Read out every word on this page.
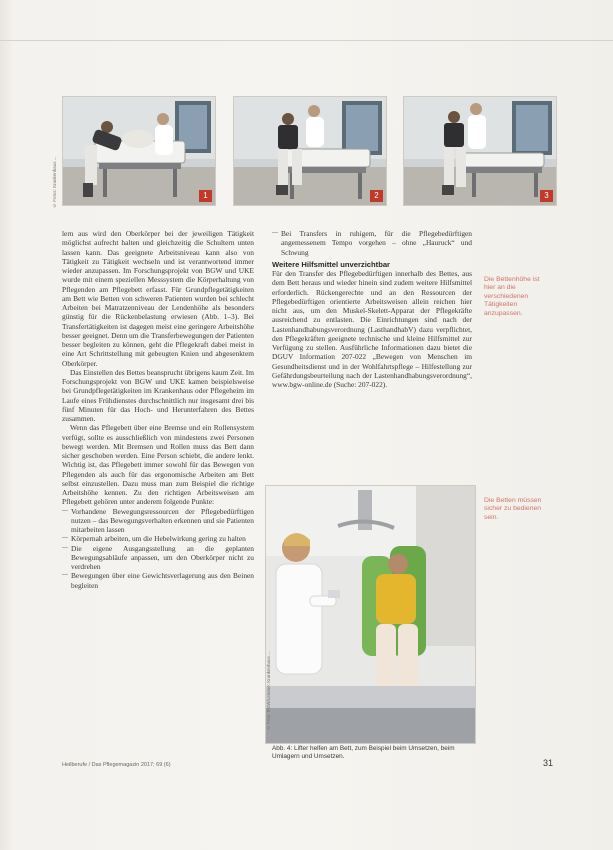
© Fotos: Krankenhaus ...	1	2	3

lern aus wird den Oberkörper bei der jeweiligen Tätigkeit möglichst aufrecht halten und gleichzeitig die Schultern unten lassen kann. Das geeignete Arbeitsniveau kann also von Tätigkeit zu Tätigkeit wechseln und ist verantwortend immer wieder anzupassen. Im Forschungsprojekt von BGW und UKE wurde mit einem speziellen Messsystem die Körperhaltung von Pflegenden am Pflegebett erfasst. Für Grundpflegetätigkeiten am Bett wie Betten von schweren Patienten wurden bei schlecht Arbeiten bei Matratzenniveau der Lendenhöhe als besonders günstig für die Rückenbelastung erwiesen (Abb. 1–3). Bei Transfertätigkeiten ist dagegen meist eine geringere Arbeitshöhe besser geeignet. Denn um die Transferbewegungen der Patienten besser begleiten zu können, geht die Pflegekraft dabei meist in eine Art Schrittstellung mit gebeugten Knien und abgesenktem Oberkörper.

Das Einstellen des Bettes beansprucht übrigens kaum Zeit. Im Forschungsprojekt von BGW und UKE kamen beispielsweise bei Grundpflegetätigkeiten im Krankenhaus oder Pflegeheim im Laufe eines Frühdienstes durchschnittlich nur insgesamt drei bis fünf Minuten für das Hoch- und Herunterfahren des Bettes zusammen.

Wenn das Pflegebett über eine Bremse und ein Rollensystem verfügt, sollte es ausschließlich von mindestens zwei Personen bewegt werden. Mit Bremsen und Rollen muss das Bett dann sicher geschoben werden. Eine Person schiebt, die andere lenkt. Wichtig ist, das Pflegebett immer sowohl für das Bewegen von Pflegenden als auch für das ergonomische Arbeiten am Bett selbst einzustellen. Dazu muss man zum Beispiel die richtige Arbeitshöhe kennen. Zu den richtigen Arbeitsweisen am Pflegebett gehören unter anderem folgende Punkte:

— Vorhandene Bewegungsressourcen der Pflegebedürftigen nutzen – das Bewegungsverhalten erkennen und sie Patienten mitarbeiten lassen
— Körpernah arbeiten, um die Hebelwirkung gering zu halten
— Die eigene Ausgangsstellung an die geplanten Bewegungsabläufe anpassen, um den Oberkörper nicht zu verdrehen
— Bewegungen über eine Gewichtsverlagerung aus den Beinen begleiten
— Bei Transfers in ruhigem, für die Pflegebedürftigen angemessenem Tempo vorgehen – ohne „Hauruck“ und Schwung
Weitere Hilfsmittel unverzichtbar

Für den Transfer des Pflegebedürftigen innerhalb des Bettes, aus dem Bett heraus und wieder hinein sind zudem weitere Hilfsmittel erforderlich. Rückengerechte und an den Ressourcen der Pflegebedürftigen orientierte Arbeitsweisen allein reichen hier nicht aus, um den Muskel-Skelett-Apparat der Pflegekräfte ausreichend zu entlasten. Die Einrichtungen sind nach der Lastenhandhabungsverordnung (LasthandhabV) dazu verpflichtet, den Pflegekräften geeignete technische und kleine Hilfsmittel zur Verfügung zu stellen. Ausführliche Informationen dazu bietet die DGUV Information 207-022 „Bewegen von Menschen im Gesundheitsdienst und in der Wohlfahrtspflege – Hilfestellung zur Gefährdungsbeurteilung nach der Lastenhandhabungsverordnung“, www.bgw-online.de (Suche: 207-022).

Die Bettenhöhe ist hier an die verschiedenen Tätigkeiten anzupassen.
Die Betten müssen sicher zu bedienen sein.
© Foto: BGW/Lemme; Krankenhaus ...
Abb. 4: Lifter helfen am Bett, zum Beispiel beim Umsetzen, beim Umlagern und Umsetzen.
Heilberufe / Das Pflegemagazin 2017; 69 (6)	31
